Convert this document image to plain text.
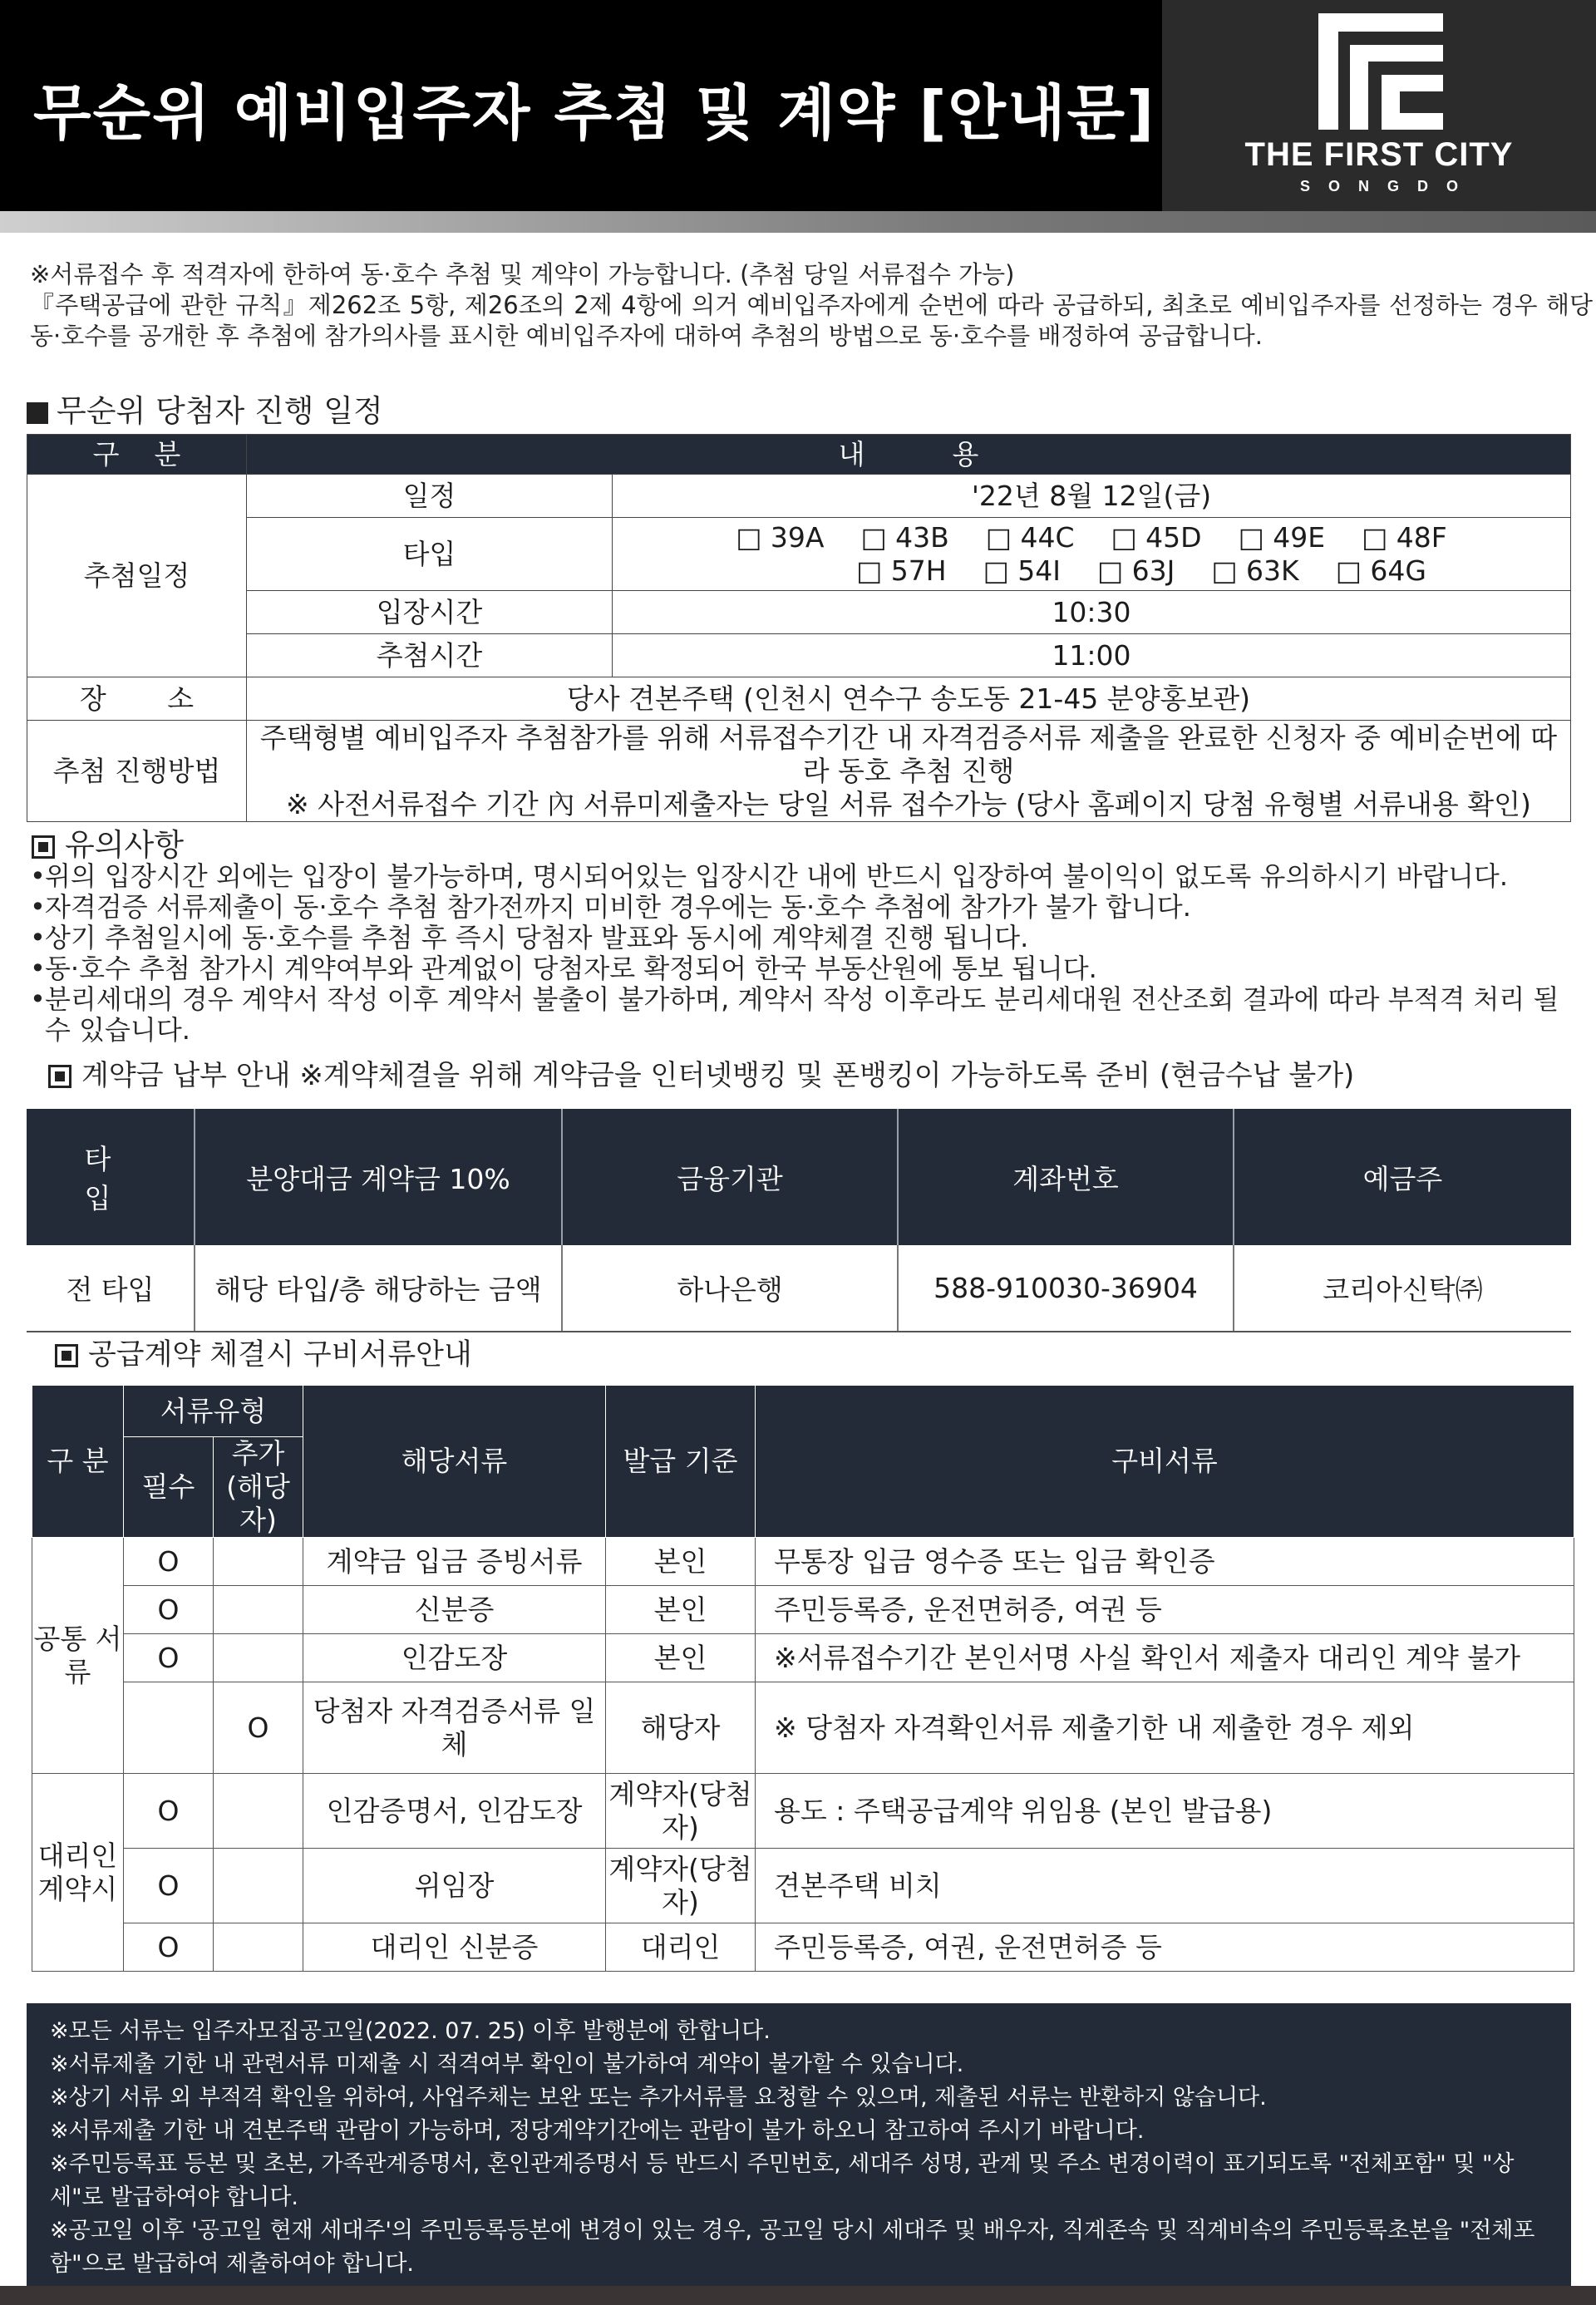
무순위 예비입주자 추첨 및 계약 [안내문]
THE FIRST CITY
SONGDO

※서류접수 후 적격자에 한하여 동·호수 추첨 및 계약이 가능합니다. (추첨 당일 서류접수 가능)

『주택공급에 관한 규칙』제262조 5항, 제26조의 2제 4항에 의거 예비입주자에게 순번에 따라 공급하되, 최초로 예비입주자를 선정하는 경우 해당 동·호수를 공개한 후 추첨에 참가의사를 표시한 예비입주자에 대하여 추첨의 방법으로 동·호수를 배정하여 공급합니다.

무순위 당첨자 진행 일정
구    분	내          용	
추첨일정	일정	'22년 8월 12일(금)
	타입	□ 39A □ 43B □ 44C □ 45D □ 49E □ 48F
□ 57H □ 54I □ 63J □ 63K □ 64G

	입장시간	10:30
	추첨시간	11:00
장       소	당사 견본주택 (인천시 연수구 송도동 21-45 분양홍보관)	
추첨 진행방법	주택형별 예비입주자 추첨참가를 위해 서류접수기간 내 자격검증서류 제출을 완료한 신청자 중 예비순번에 따라 동호 추첨 진행
※ 사전서류접수 기간 內 서류미제출자는 당일 서류 접수가능 (당사 홈페이지 당첨 유형별 서류내용 확인)	
유의사항
• 위의 입장시간 외에는 입장이 불가능하며, 명시되어있는 입장시간 내에 반드시 입장하여 불이익이 없도록 유의하시기 바랍니다.
• 자격검증 서류제출이 동·호수 추첨 참가전까지 미비한 경우에는 동·호수 추첨에 참가가 불가 합니다.
• 상기 추첨일시에 동·호수를 추첨 후 즉시 당첨자 발표와 동시에 계약체결 진행 됩니다.
• 동·호수 추첨 참가시 계약여부와 관계없이 당첨자로 확정되어 한국 부동산원에 통보 됩니다.
• 분리세대의 경우 계약서 작성 이후 계약서 불출이 불가하며, 계약서 작성 이후라도 분리세대원 전산조회 결과에 따라 부적격 처리 될 수 있습니다.
계약금 납부 안내 ※계약체결을 위해 계약금을 인터넷뱅킹 및 폰뱅킹이 가능하도록 준비 (현금수납 불가)
타입	분양대금 계약금 10%	금융기관	계좌번호	예금주
전 타입	해당 타입/층 해당하는 금액	하나은행	588-910030-36904	코리아신탁㈜
공급계약 체결시 구비서류안내
구 분	서류유형		해당서류	발급 기준	구비서류
	필수	추가 (해당자)			
공통 서류	O		계약금 입금 증빙서류	본인	무통장 입금 영수증 또는 입금 확인증
	O		신분증	본인	주민등록증, 운전면허증, 여권 등
	O		인감도장	본인	※서류접수기간 본인서명 사실 확인서 제출자 대리인 계약 불가
		O	당첨자 자격검증서류 일체	해당자	※ 당첨자 자격확인서류 제출기한 내 제출한 경우 제외
대리인 계약시	O		인감증명서, 인감도장	계약자(당첨자)	용도 : 주택공급계약 위임용 (본인 발급용)
	O		위임장	계약자(당첨자)	견본주택 비치
	O		대리인 신분증	대리인	주민등록증, 여권, 운전면허증 등
※모든 서류는 입주자모집공고일(2022. 07. 25) 이후 발행분에 한합니다.
※서류제출 기한 내 관련서류 미제출 시 적격여부 확인이 불가하여 계약이 불가할 수 있습니다.
※상기 서류 외 부적격 확인을 위하여, 사업주체는 보완 또는 추가서류를 요청할 수 있으며, 제출된 서류는 반환하지 않습니다.
※서류제출 기한 내 견본주택 관람이 가능하며, 정당계약기간에는 관람이 불가 하오니 참고하여 주시기 바랍니다.
※주민등록표 등본 및 초본, 가족관계증명서, 혼인관계증명서 등 반드시 주민번호, 세대주 성명, 관계 및 주소 변경이력이 표기되도록 "전체포함" 및 "상세"로 발급하여야 합니다.
※공고일 이후 '공고일 현재 세대주'의 주민등록등본에 변경이 있는 경우, 공고일 당시 세대주 및 배우자, 직계존속 및 직계비속의 주민등록초본을 "전체포함"으로 발급하여 제출하여야 합니다.
